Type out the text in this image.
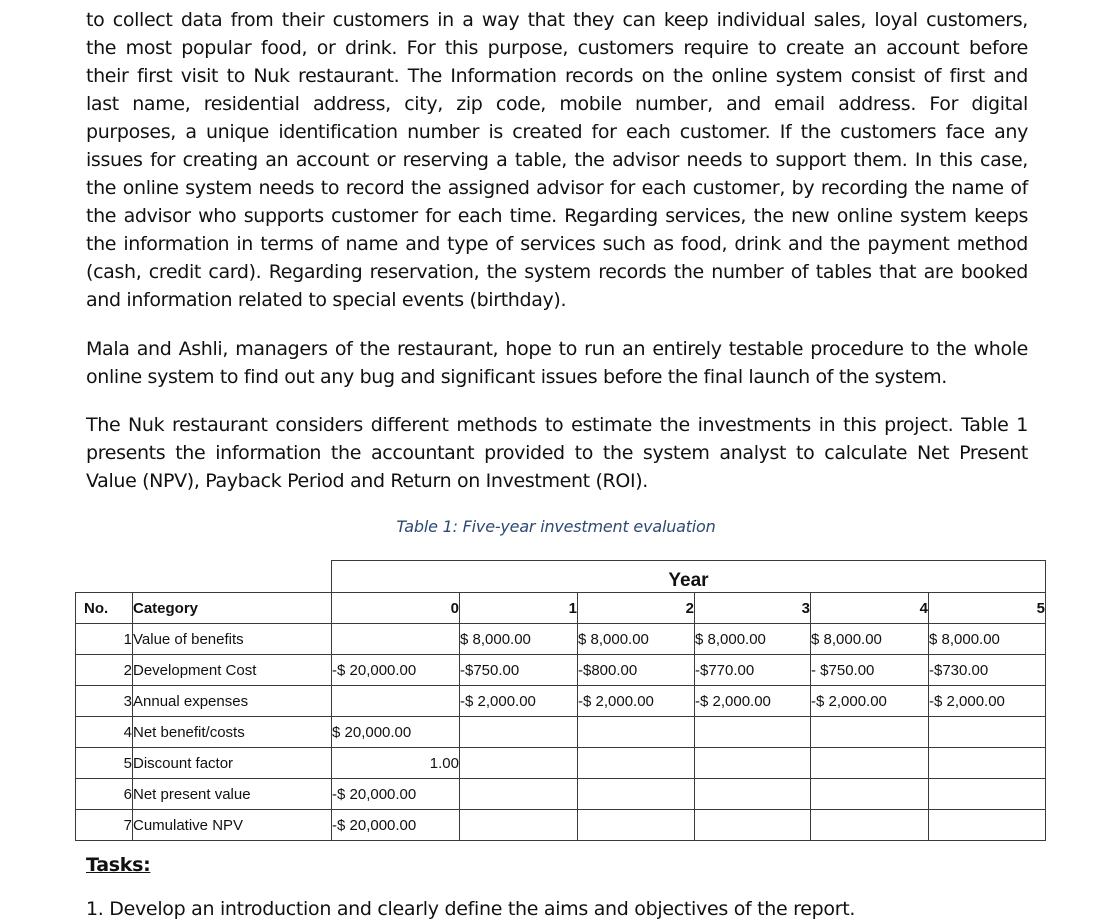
to collect data from their customers in a way that they can keep individual sales, loyal customers,
the most popular food, or drink. For this purpose, customers require to create an account before
their first visit to Nuk restaurant. The Information records on the online system consist of first and
last name, residential address, city, zip code, mobile number, and email address. For digital
purposes, a unique identification number is created for each customer. If the customers face any
issues for creating an account or reserving a table, the advisor needs to support them. In this case,
the online system needs to record the assigned advisor for each customer, by recording the name of
the advisor who supports customer for each time. Regarding services, the new online system keeps
the information in terms of name and type of services such as food, drink and the payment method
(cash, credit card). Regarding reservation, the system records the number of tables that are booked
and information related to special events (birthday).
Mala and Ashli, managers of the restaurant, hope to run an entirely testable procedure to the whole
online system to find out any bug and significant issues before the final launch of the system.
The Nuk restaurant considers different methods to estimate the investments in this project. Table 1
presents the information the accountant provided to the system analyst to calculate Net Present
Value (NPV), Payback Period and Return on Investment (ROI).
Table 1: Five-year investment evaluation
		Year					
No.	Category	0	1	2	3	4	5
1	Value of benefits		$ 8,000.00	$ 8,000.00	$ 8,000.00	$ 8,000.00	$ 8,000.00
2	Development Cost	-$ 20,000.00	-$750.00	-$800.00	-$770.00	- $750.00	-$730.00
3	Annual expenses		-$ 2,000.00	-$ 2,000.00	-$ 2,000.00	-$ 2,000.00	-$ 2,000.00
4	Net benefit/costs	$ 20,000.00					
5	Discount factor	1.00					
6	Net present value	-$ 20,000.00					
7	Cumulative NPV	-$ 20,000.00					
Tasks:
1. Develop an introduction and clearly define the aims and objectives of the report.
